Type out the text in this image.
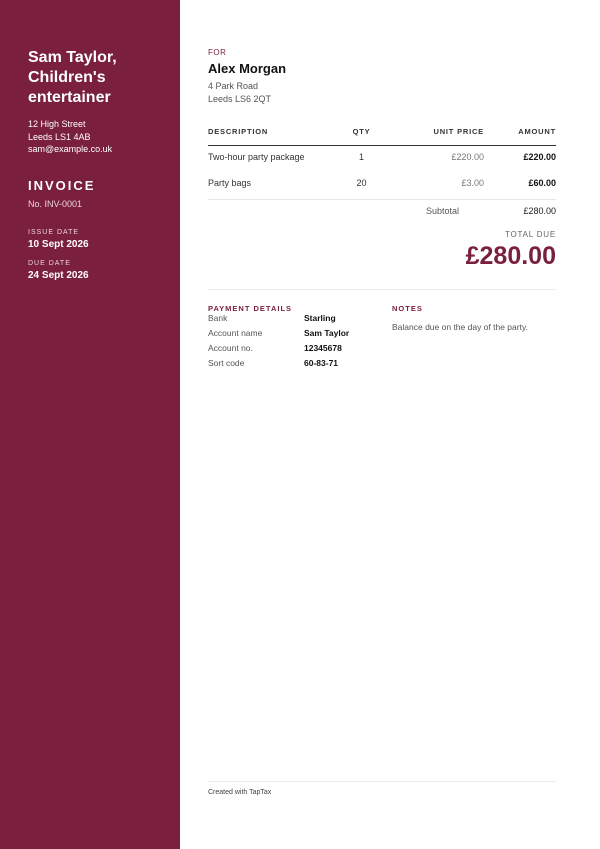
Sam Taylor, Children's entertainer
12 High Street
Leeds LS1 4AB
sam@example.co.uk
INVOICE
No. INV-0001
ISSUE DATE
10 Sept 2026
DUE DATE
24 Sept 2026
FOR
Alex Morgan
4 Park Road
Leeds LS6 2QT
DESCRIPTION	QTY	UNIT PRICE	AMOUNT
Two-hour party package	1	£220.00	£220.00
Party bags	20	£3.00	£60.00
Subtotal	£280.00
TOTAL DUE
£280.00
PAYMENT DETAILS
Bank	Starling
Account name	Sam Taylor
Account no.	12345678
Sort code	60-83-71
NOTES
Balance due on the day of the party.
Created with TapTax
